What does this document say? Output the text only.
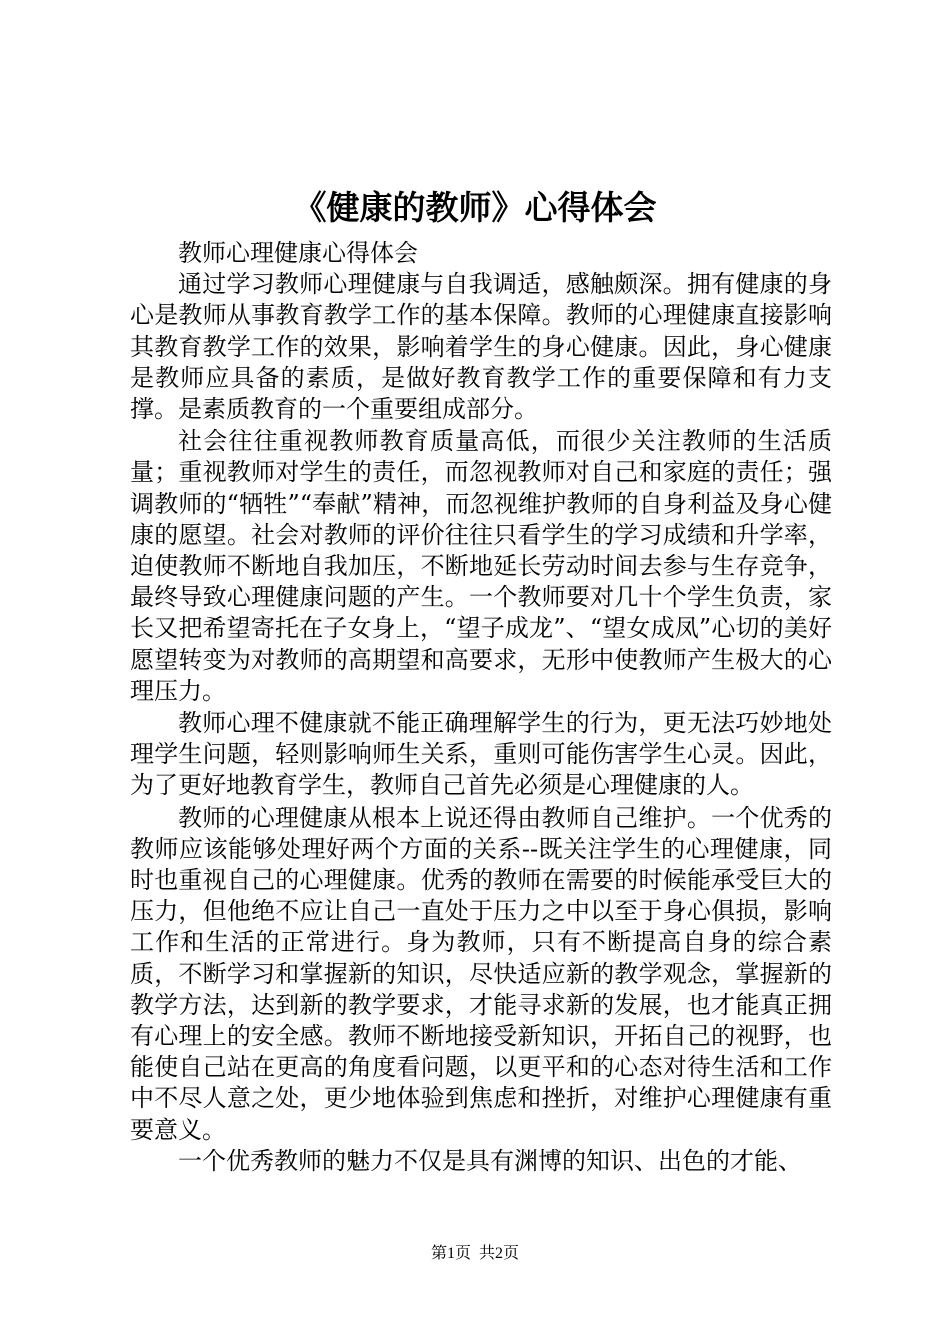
《健康的教师》心得体会

教师心理健康心得体会

通过学习教师心理健康与自我调适，感触颇深。拥有健康的身心是教师从事教育教学工作的基本保障。教师的心理健康直接影响其教育教学工作的效果，影响着学生的身心健康。因此，身心健康是教师应具备的素质，是做好教育教学工作的重要保障和有力支撑。是素质教育的一个重要组成部分。

社会往往重视教师教育质量高低，而很少关注教师的生活质量；重视教师对学生的责任，而忽视教师对自己和家庭的责任；强调教师的“牺牲”“奉献”精神，而忽视维护教师的自身利益及身心健康的愿望。社会对教师的评价往往只看学生的学习成绩和升学率，迫使教师不断地自我加压，不断地延长劳动时间去参与生存竞争，最终导致心理健康问题的产生。一个教师要对几十个学生负责，家长又把希望寄托在子女身上，“望子成龙”、“望女成凤”心切的美好愿望转变为对教师的高期望和高要求，无形中使教师产生极大的心理压力。

教师心理不健康就不能正确理解学生的行为，更无法巧妙地处理学生问题，轻则影响师生关系，重则可能伤害学生心灵。因此，为了更好地教育学生，教师自己首先必须是心理健康的人。

教师的心理健康从根本上说还得由教师自己维护。一个优秀的教师应该能够处理好两个方面的关系--既关注学生的心理健康，同时也重视自己的心理健康。优秀的教师在需要的时候能承受巨大的压力，但他绝不应让自己一直处于压力之中以至于身心俱损，影响工作和生活的正常进行。身为教师，只有不断提高自身的综合素质，不断学习和掌握新的知识，尽快适应新的教学观念，掌握新的教学方法，达到新的教学要求，才能寻求新的发展，也才能真正拥有心理上的安全感。教师不断地接受新知识，开拓自己的视野，也能使自己站在更高的角度看问题，以更平和的心态对待生活和工作中不尽人意之处，更少地体验到焦虑和挫折，对维护心理健康有重要意义。

一个优秀教师的魅力不仅是具有渊博的知识、出色的才能、

第1页  共2页
